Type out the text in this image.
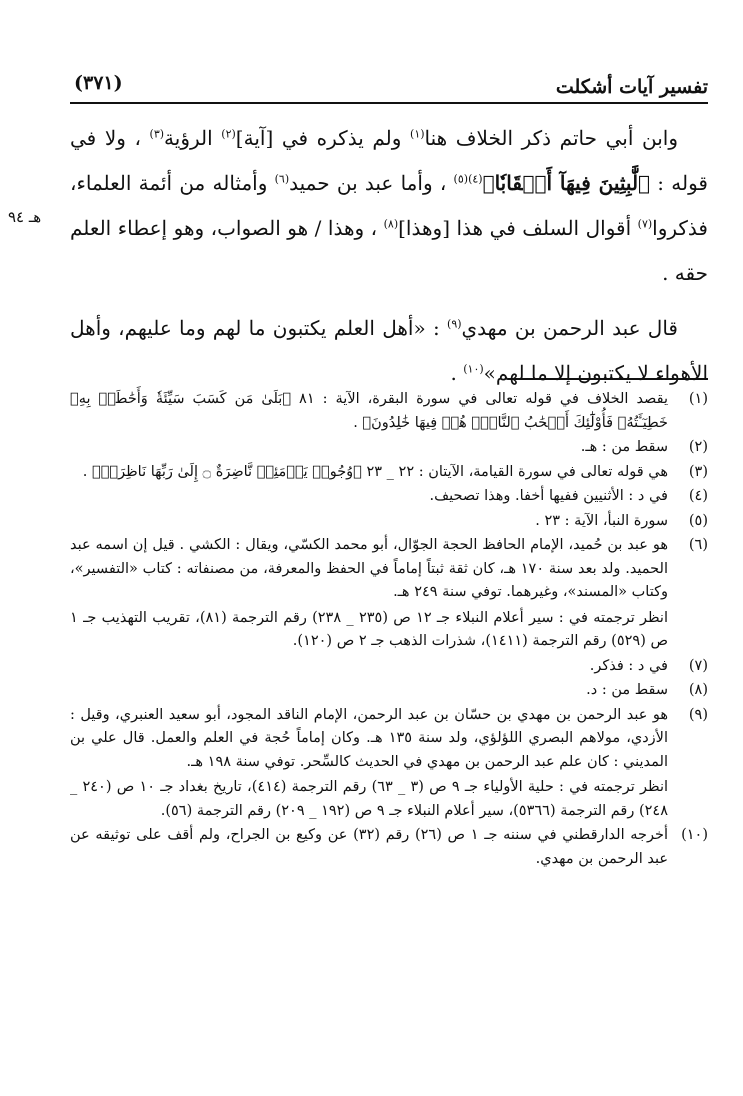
تفسير آيات أشكلت
(٣٧١)
هـ ٩٤

وابن أبي حاتم ذكر الخلاف هنا$^{(١)}$ ولم يذكره في [آية]$^{(٢)}$ الرؤية$^{(٣)}$ ، ولا في قوله : ﴿لَّٰبِثِينَ فِيهَآ أَحۡقَابٗا﴾$^{(٤)(٥)}$ ، وأما عبد بن حميد$^{(٦)}$ وأمثاله من أئمة العلماء، فذكروا$^{(٧)}$ أقوال السلف في هذا [وهذا]$^{(٨)}$ ، وهذا / هو الصواب، وهو إعطاء العلم حقه .

قال عبد الرحمن بن مهدي$^{(٩)}$ : «أهل العلم يكتبون ما لهم وما عليهم، وأهل الأهواء لا يكتبون إلا ما لهم»$^{(١٠)}$ .

(١)

يقصد الخلاف في قوله تعالى في سورة البقرة، الآية : ٨١ ﴿بَلَىٰ مَن كَسَبَ سَيِّئَةٗ وَأَحَٰطَتۡ بِهِۦ خَطِيٓـَٔتُهُۥ فَأُوْلَٰٓئِكَ أَصۡحَٰبُ ٱلنَّارِۖ هُمۡ فِيهَا خَٰلِدُونَ﴾ .

(٢)

سقط من : هـ.

(٣)

هي قوله تعالى في سورة القيامة، الآيتان : ٢٢ _ ٢٣ ﴿وُجُوهٞ يَوۡمَئِذٖ نَّاضِرَةٌ ۝ إِلَىٰ رَبِّهَا نَاظِرَةٞ﴾ .

(٤)

في د : الأثنيين ففيها أخفا. وهذا تصحيف.

(٥)

سورة النبأ، الآية : ٢٣ .

(٦)

هو عبد بن حُميد، الإمام الحافظ الحجة الجوّال، أبو محمد الكسّي، ويقال : الكشي . قيل إن اسمه عبد الحميد. ولد بعد سنة ١٧٠ هـ، كان ثقة ثبتاً إماماً في الحفظ والمعرفة، من مصنفاته : كتاب «التفسير»، وكتاب «المسند»، وغيرهما. توفي سنة ٢٤٩ هـ.

انظر ترجمته في : سير أعلام النبلاء جـ ١٢ ص (٢٣٥ _ ٢٣٨) رقم الترجمة (٨١)، تقريب التهذيب جـ ١ ص (٥٢٩) رقم الترجمة (١٤١١)، شذرات الذهب جـ ٢ ص (١٢٠).

(٧)

في د : فذكر.

(٨)

سقط من : د.

(٩)

هو عبد الرحمن بن مهدي بن حسّان بن عبد الرحمن، الإمام الناقد المجود، أبو سعيد العنبري، وقيل : الأزدي، مولاهم البصري اللؤلؤي، ولد سنة ١٣٥ هـ. وكان إماماً حُجة في العلم والعمل. قال علي بن المديني : كان علم عبد الرحمن بن مهدي في الحديث كالسِّحر. توفي سنة ١٩٨ هـ.

انظر ترجمته في : حلية الأولياء جـ ٩ ص (٣ _ ٦٣) رقم الترجمة (٤١٤)، تاريخ بغداد جـ ١٠ ص (٢٤٠ _ ٢٤٨) رقم الترجمة (٥٣٦٦)، سير أعلام النبلاء جـ ٩ ص (١٩٢ _ ٢٠٩) رقم الترجمة (٥٦).

(١٠)

أخرجه الدارقطني في سننه جـ ١ ص (٢٦) رقم (٣٢) عن وكيع بن الجراح، ولم أقف على توثيقه عن عبد الرحمن بن مهدي.
